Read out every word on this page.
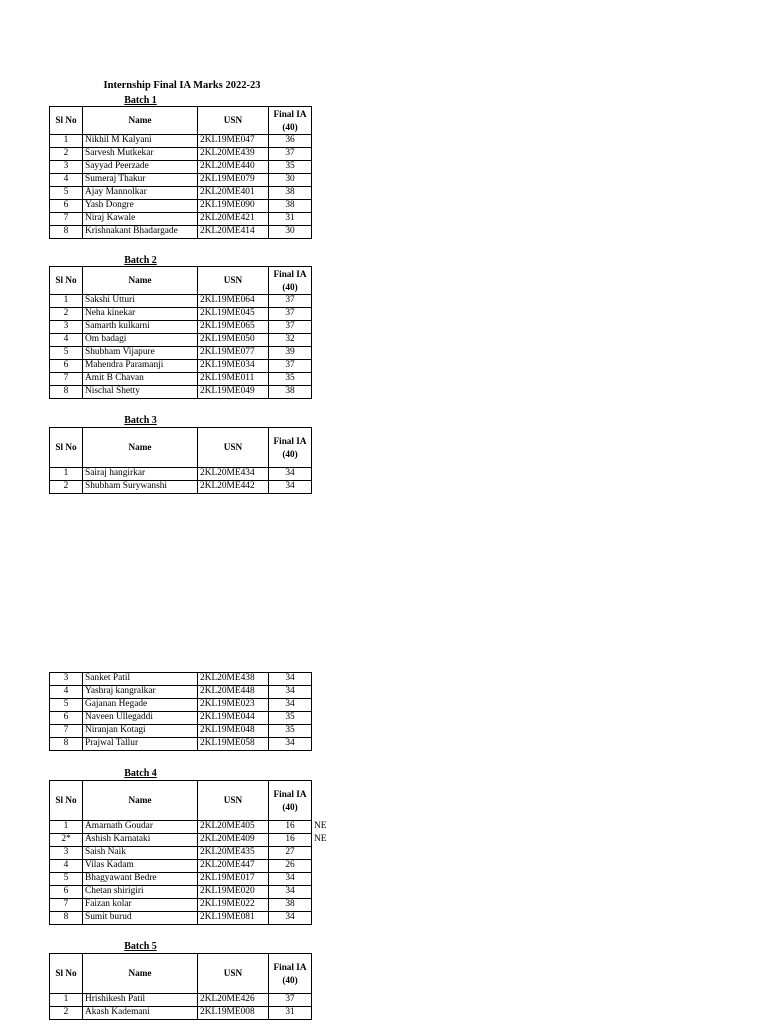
Internship Final IA Marks 2022-23
Batch 1
Sl No	Name	USN	Final IA
(40)

1	Nikhil M Kalyani	2KL19ME047	36
2	Sarvesh Mutkekar	2KL20ME439	37
3	Sayyad Peerzade	2KL20ME440	35
4	Sumeraj Thakur	2KL19ME079	30
5	Ajay Mannolkar	2KL20ME401	38
6	Yash Dongre	2KL19ME090	38
7	Niraj Kawale	2KL20ME421	31
8	Krishnakant Bhadargade	2KL20ME414	30
Batch 2
Sl No	Name	USN	Final IA
(40)

1	Sakshi Utturi	2KL19ME064	37
2	Neha kinekar	2KL19ME045	37
3	Samarth kulkarni	2KL19ME065	37
4	Om badagi	2KL19ME050	32
5	Shubham Vijapure	2KL19ME077	39
6	Mahendra Paramanji	2KL19ME034	37
7	Amit B Chavan	2KL19ME011	35
8	Nischal Shetty	2KL19ME049	38
Batch 3
Sl No	Name	USN	Final IA
(40)

1	Sairaj hangirkar	2KL20ME434	34
2	Shubham Surywanshi	2KL20ME442	34
3	Sanket Patil	2KL20ME438	34
4	Yashraj kangralkar	2KL20ME448	34
5	Gajanan Hegade	2KL19ME023	34
6	Naveen Ullegaddi	2KL19ME044	35
7	Niranjan Kotagi	2KL19ME048	35
8	Prajwal Tallur	2KL19ME058	34
Batch 4
Sl No	Name	USN	Final IA
(40)	

1	Amarnath Goudar	2KL20ME405	16	NE
2*	Ashish Karnataki	2KL20ME409	16	NE
3	Saish Naik	2KL20ME435	27	
4	Vilas Kadam	2KL20ME447	26	
5	Bhagyawant Bedre	2KL19ME017	34	
6	Chetan shirigiri	2KL19ME020	34	
7	Faizan kolar	2KL19ME022	38	
8	Sumit burud	2KL19ME081	34	
Batch 5
Sl No	Name	USN	Final IA
(40)

1	Hrishikesh Patil	2KL20ME426	37
2	Akash Kademani	2KL19ME008	31
